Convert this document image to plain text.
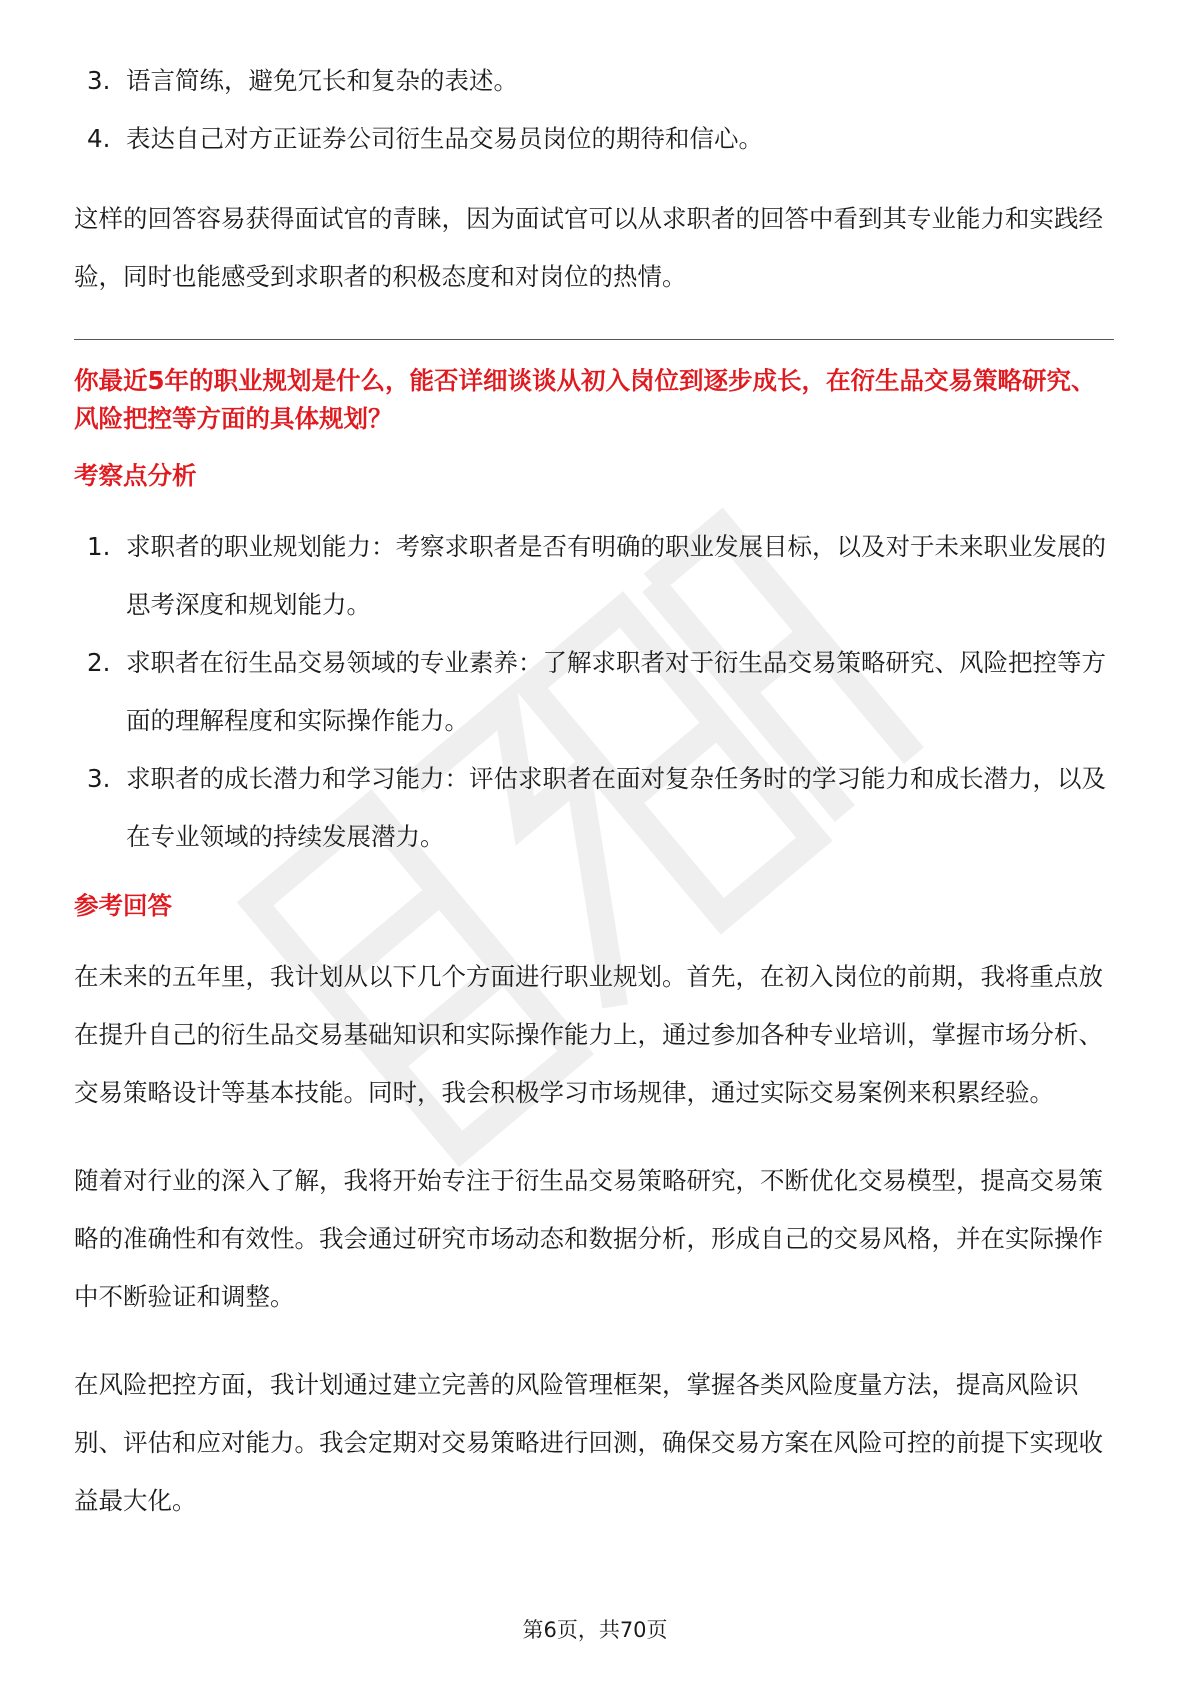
3. 语言简练，避免冗长和复杂的表述。
4. 表达自己对方正证券公司衍生品交易员岗位的期待和信心。

这样的回答容易获得面试官的青睐，因为面试官可以从求职者的回答中看到其专业能力和实践经验，同时也能感受到求职者的积极态度和对岗位的热情。

你最近5年的职业规划是什么，能否详细谈谈从初入岗位到逐步成长，在衍生品交易策略研究、风险把控等方面的具体规划？

考察点分析

1. 求职者的职业规划能力：考察求职者是否有明确的职业发展目标，以及对于未来职业发展的思考深度和规划能力。
2. 求职者在衍生品交易领域的专业素养：了解求职者对于衍生品交易策略研究、风险把控等方面的理解程度和实际操作能力。
3. 求职者的成长潜力和学习能力：评估求职者在面对复杂任务时的学习能力和成长潜力，以及在专业领域的持续发展潜力。

参考回答

在未来的五年里，我计划从以下几个方面进行职业规划。首先，在初入岗位的前期，我将重点放在提升自己的衍生品交易基础知识和实际操作能力上，通过参加各种专业培训，掌握市场分析、交易策略设计等基本技能。同时，我会积极学习市场规律，通过实际交易案例来积累经验。

随着对行业的深入了解，我将开始专注于衍生品交易策略研究，不断优化交易模型，提高交易策略的准确性和有效性。我会通过研究市场动态和数据分析，形成自己的交易风格，并在实际操作中不断验证和调整。

在风险把控方面，我计划通过建立完善的风险管理框架，掌握各类风险度量方法，提高风险识别、评估和应对能力。我会定期对交易策略进行回测，确保交易方案在风险可控的前提下实现收益最大化。

第6页，共70页
